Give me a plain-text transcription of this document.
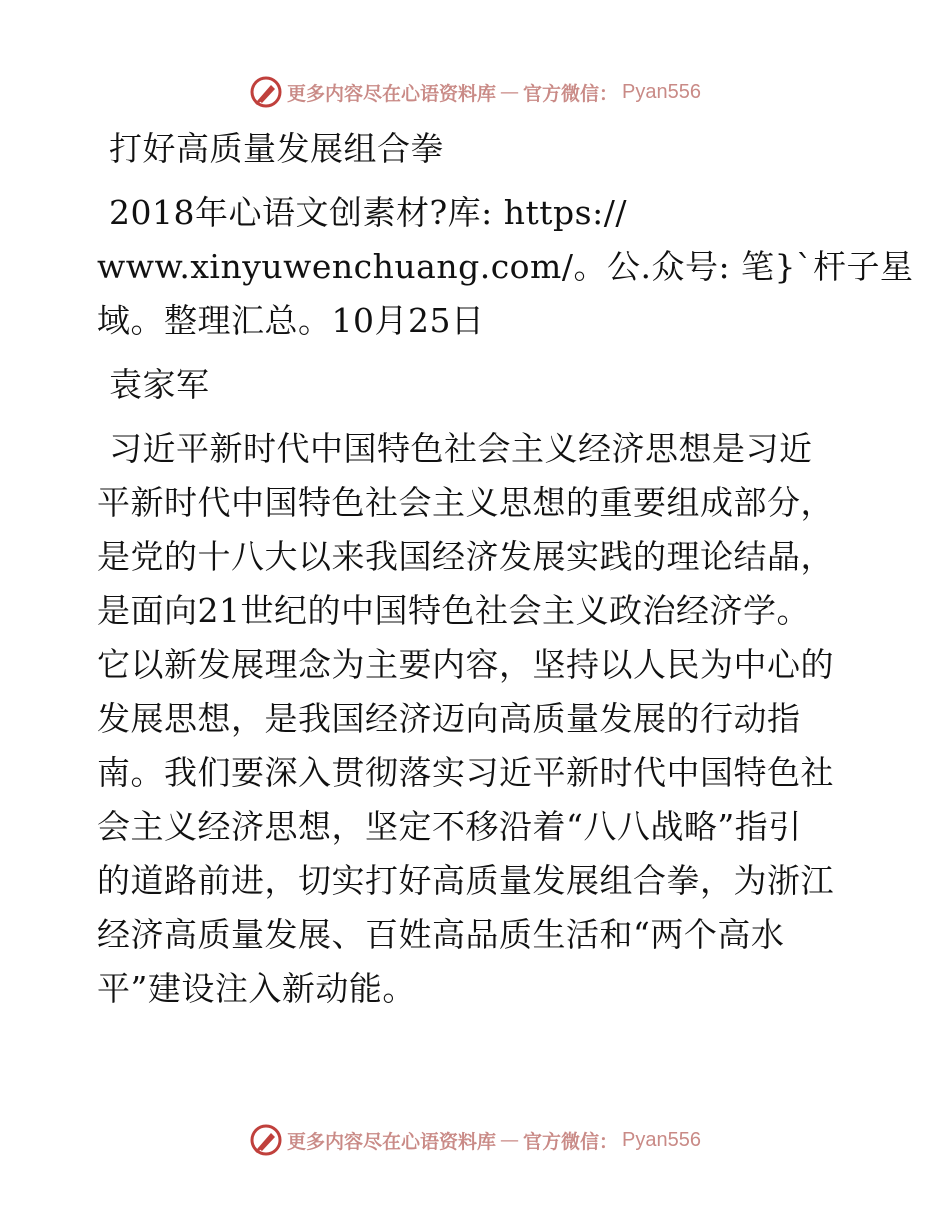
更多内容尽在心语资料库 — 官方微信： Pyan556
打好高质量发展组合拳
2018年心语文创素材?库: https://
www.xinyuwenchuang.com/。公.众号: 笔}`杆子星
域。整理汇总。10月25日
袁家军
习近平新时代中国特色社会主义经济思想是习近
平新时代中国特色社会主义思想的重要组成部分，
是党的十八大以来我国经济发展实践的理论结晶，
是面向21世纪的中国特色社会主义政治经济学。
它以新发展理念为主要内容，坚持以人民为中心的
发展思想，是我国经济迈向高质量发展的行动指
南。我们要深入贯彻落实习近平新时代中国特色社
会主义经济思想，坚定不移沿着“八八战略”指引
的道路前进，切实打好高质量发展组合拳，为浙江
经济高质量发展、百姓高品质生活和“两个高水
平”建设注入新动能。
更多内容尽在心语资料库 — 官方微信： Pyan556
